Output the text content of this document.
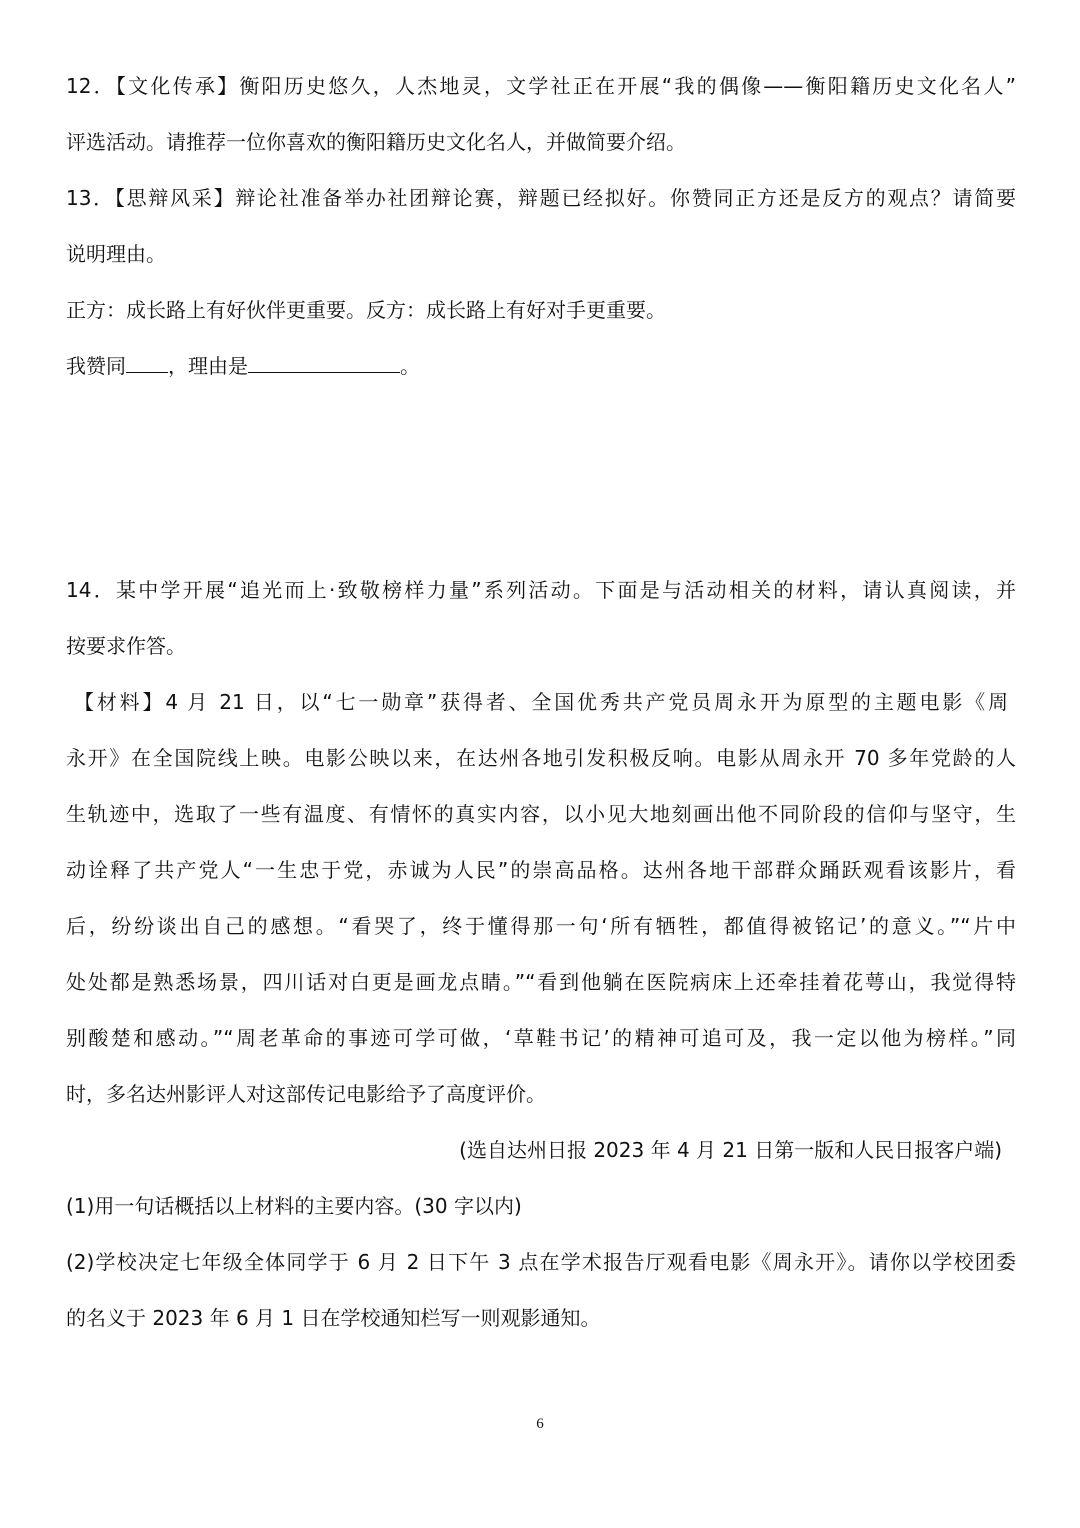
12．【文化传承】衡阳历史悠久，人杰地灵，文学社正在开展“我的偶像——衡阳籍历史文化名人”
评选活动。请推荐一位你喜欢的衡阳籍历史文化名人，并做简要介绍。
13．【思辩风采】辩论社准备举办社团辩论赛，辩题已经拟好。你赞同正方还是反方的观点？请简要
说明理由。
正方：成长路上有好伙伴更重要。反方：成长路上有好对手更重要。
我赞同 ，理由是	。
14．某中学开展“追光而上·致敬榜样力量”系列活动。下面是与活动相关的材料，请认真阅读，并
按要求作答。
【材料】4 月 21 日，以“七一勋章”获得者、全国优秀共产党员周永开为原型的主题电影《周
永开》在全国院线上映。电影公映以来，在达州各地引发积极反响。电影从周永开 70 多年党龄的人
生轨迹中，选取了一些有温度、有情怀的真实内容，以小见大地刻画出他不同阶段的信仰与坚守，生
动诠释了共产党人“一生忠于党，赤诚为人民”的崇高品格。达州各地干部群众踊跃观看该影片，看
后，纷纷谈出自己的感想。“看哭了，终于懂得那一句‘所有牺牲，都值得被铭记’的意义。”“片中
处处都是熟悉场景，四川话对白更是画龙点睛。”“看到他躺在医院病床上还牵挂着花萼山，我觉得特
别酸楚和感动。”“周老革命的事迹可学可做，‘草鞋书记’的精神可追可及，我一定以他为榜样。”同
时，多名达州影评人对这部传记电影给予了高度评价。
(选自达州日报 2023 年 4 月 21 日第一版和人民日报客户端)
(1)用一句话概括以上材料的主要内容。(30 字以内)
(2)学校决定七年级全体同学于 6 月 2 日下午 3 点在学术报告厅观看电影《周永开》。请你以学校团委
的名义于 2023 年 6 月 1 日在学校通知栏写一则观影通知。
6
